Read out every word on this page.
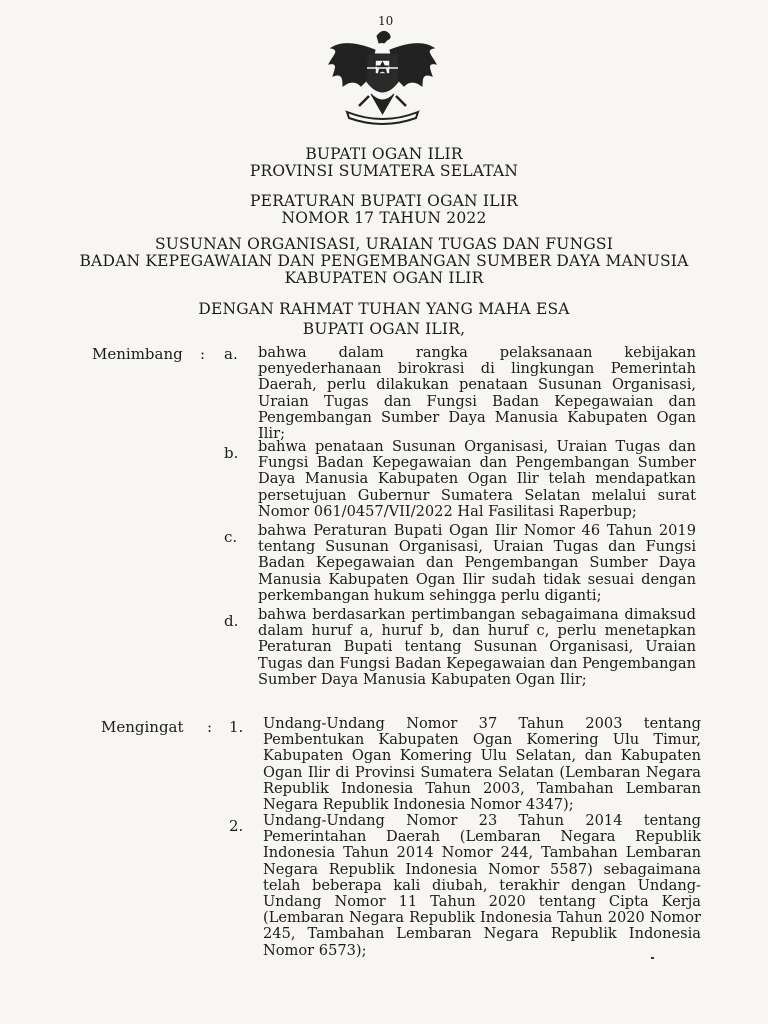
10
BUPATI OGAN ILIR
PROVINSI SUMATERA SELATAN
PERATURAN BUPATI OGAN ILIR
NOMOR 17 TAHUN 2022
SUSUNAN ORGANISASI, URAIAN TUGAS DAN FUNGSI
BADAN KEPEGAWAIAN DAN PENGEMBANGAN SUMBER DAYA MANUSIA
KABUPATEN OGAN ILIR
DENGAN RAHMAT TUHAN YANG MAHA ESA
BUPATI OGAN ILIR,
Menimbang : a. bahwa dalam rangka pelaksanaan kebijakan penyederhanaan birokrasi di lingkungan Pemerintah Daerah, perlu dilakukan penataan Susunan Organisasi, Uraian Tugas dan Fungsi Badan Kepegawaian dan Pengembangan Sumber Daya Manusia Kabupaten Ogan Ilir;
b. bahwa penataan Susunan Organisasi, Uraian Tugas dan Fungsi Badan Kepegawaian dan Pengembangan Sumber Daya Manusia Kabupaten Ogan Ilir telah mendapatkan persetujuan Gubernur Sumatera Selatan melalui surat Nomor 061/0457/VII/2022 Hal Fasilitasi Raperbup;
c. bahwa Peraturan Bupati Ogan Ilir Nomor 46 Tahun 2019 tentang Susunan Organisasi, Uraian Tugas dan Fungsi Badan Kepegawaian dan Pengembangan Sumber Daya Manusia Kabupaten Ogan Ilir sudah tidak sesuai dengan perkembangan hukum sehingga perlu diganti;
d. bahwa berdasarkan pertimbangan sebagaimana dimaksud dalam huruf a, huruf b, dan huruf c, perlu menetapkan Peraturan Bupati tentang Susunan Organisasi, Uraian Tugas dan Fungsi Badan Kepegawaian dan Pengembangan Sumber Daya Manusia Kabupaten Ogan Ilir;
Mengingat : 1. Undang-Undang Nomor 37 Tahun 2003 tentang Pembentukan Kabupaten Ogan Komering Ulu Timur, Kabupaten Ogan Komering Ulu Selatan, dan Kabupaten Ogan Ilir di Provinsi Sumatera Selatan (Lembaran Negara Republik Indonesia Tahun 2003, Tambahan Lembaran Negara Republik Indonesia Nomor 4347);
2. Undang-Undang Nomor 23 Tahun 2014 tentang Pemerintahan Daerah (Lembaran Negara Republik Indonesia Tahun 2014 Nomor 244, Tambahan Lembaran Negara Republik Indonesia Nomor 5587) sebagaimana telah beberapa kali diubah, terakhir dengan Undang-Undang Nomor 11 Tahun 2020 tentang Cipta Kerja (Lembaran Negara Republik Indonesia Tahun 2020 Nomor 245, Tambahan Lembaran Negara Republik Indonesia Nomor 6573);
